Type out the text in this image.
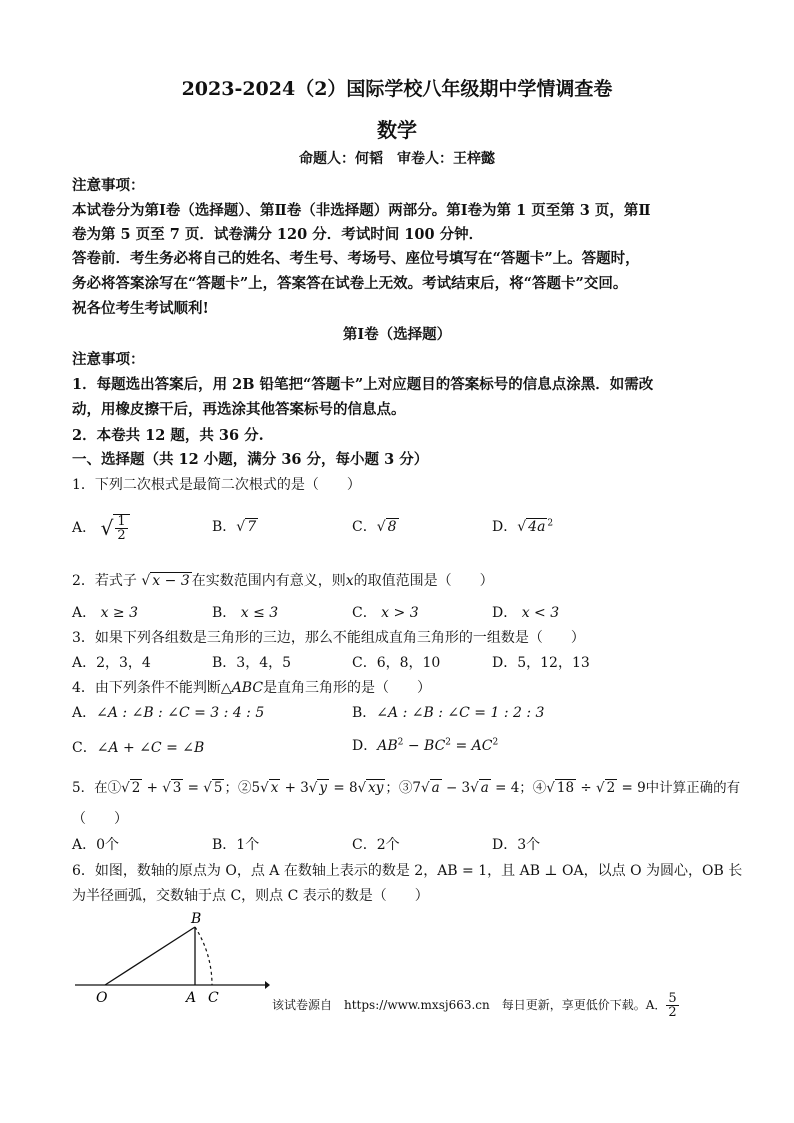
2023-2024（2）国际学校八年级期中学情调查卷
数学
命题人：何韬　审卷人：王梓懿
注意事项：
本试卷分为第Ⅰ卷（选择题）、第Ⅱ卷（非选择题）两部分。第Ⅰ卷为第 1 页至第 3 页，第Ⅱ
卷为第 5 页至 7 页．试卷满分 120 分．考试时间 100 分钟．
答卷前．考生务必将自己的姓名、考生号、考场号、座位号填写在“答题卡”上。答题时，
务必将答案涂写在“答题卡”上，答案答在试卷上无效。考试结束后，将“答题卡”交回。
祝各位考生考试顺利!
第Ⅰ卷（选择题）
注意事项：
1．每题选出答案后，用 2B 铅笔把“答题卡”上对应题目的答案标号的信息点涂黑．如需改
动，用橡皮擦干后，再选涂其他答案标号的信息点。
2．本卷共 12 题，共 36 分.
一、选择题（共 12 小题，满分 36 分，每小题 3 分）
1．下列二次根式是最简二次根式的是（　　）
A． √ $\frac{1}{2}$	B．√ 7	C．√ 8	D．√ 4a $^2$
2．若式子 √ x − 3 在实数范围内有意义，则x的取值范围是（　　）
A． x ≥ 3	B． x ≤ 3	C． x > 3	D． x < 3
3．如果下列各组数是三角形的三边，那么不能组成直角三角形的一组数是（　　）
A．2，3，4	B．3，4，5	C．6，8，10	D．5，12，13
4．由下列条件不能判断△ABC是直角三角形的是（　　）
A．∠A : ∠B : ∠C = 3 : 4 : 5	B．∠A : ∠B : ∠C = 1 : 2 : 3
C．∠A + ∠C = ∠B	D．$AB^2 - BC^2 = AC^2$
5．在①√ 2 + √ 3 = √ 5 ；②5√ x + 3√ y = 8√ xy ；③7√ a − 3√ a = 4；④√ 18 ÷ √ 2 = 9中计算正确的有
（　　）
A．0个	B．1个	C．2个	D．3个
6．如图，数轴的原点为 O，点 A 在数轴上表示的数是 2，AB = 1，且 AB ⊥ OA，以点 O 为圆心，OB 长
为半径画弧，交数轴于点 C，则点 C 表示的数是（　　）
B
O	A C	该试卷源自　https://www.mxsj663.cn　每日更新，享更低价下载。A． $\frac{5}{2}$
